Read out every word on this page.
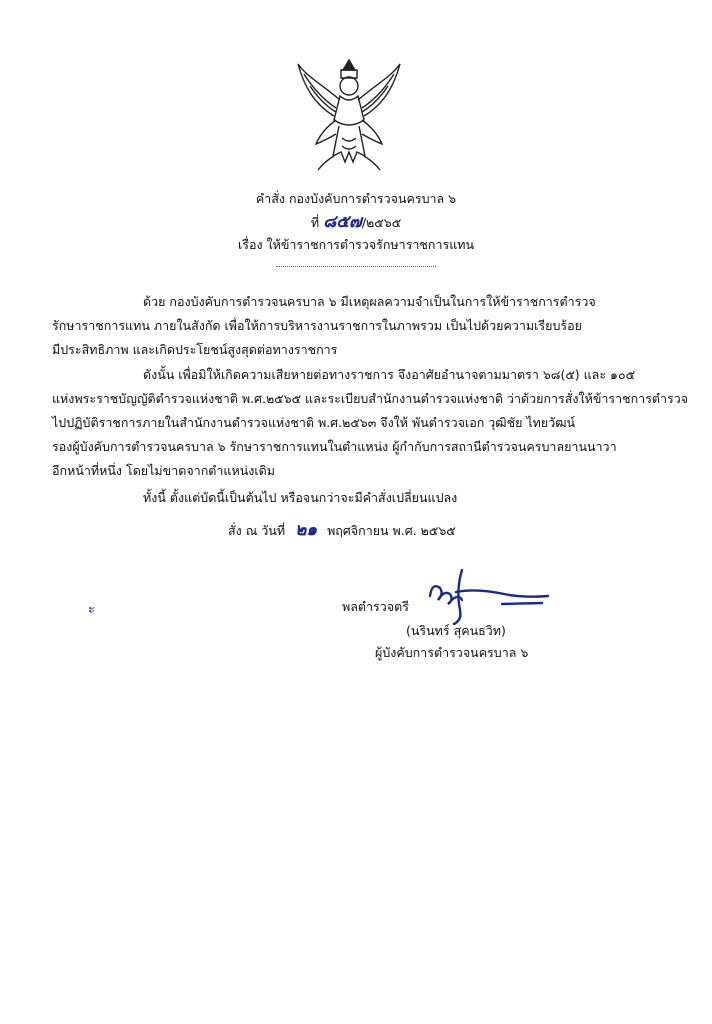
คำสั่ง กองบังคับการตำรวจนครบาล ๖
ที่ ๘๕๗/๒๕๖๕
เรื่อง ให้ข้าราชการตำรวจรักษาราชการแทน
ด้วย กองบังคับการตำรวจนครบาล ๖ มีเหตุผลความจำเป็นในการให้ข้าราชการตำรวจ
รักษาราชการแทน ภายในสังกัด เพื่อให้การบริหารงานราชการในภาพรวม เป็นไปด้วยความเรียบร้อย
มีประสิทธิภาพ และเกิดประโยชน์สูงสุดต่อทางราชการ
ดังนั้น เพื่อมิให้เกิดความเสียหายต่อทางราชการ จึงอาศัยอำนาจตามมาตรา ๖๘(๕) และ ๑๐๕
แห่งพระราชบัญญัติตำรวจแห่งชาติ พ.ศ.๒๕๖๕ และระเบียบสำนักงานตำรวจแห่งชาติ ว่าด้วยการสั่งให้ข้าราชการตำรวจ
ไปปฏิบัติราชการภายในสำนักงานตำรวจแห่งชาติ พ.ศ.๒๕๖๓ จึงให้ พันตำรวจเอก วุฒิชัย ไทยวัฒน์
รองผู้บังคับการตำรวจนครบาล ๖ รักษาราชการแทนในตำแหน่ง ผู้กำกับการสถานีตำรวจนครบาลยานนาวา
อีกหน้าที่หนึ่ง โดยไม่ขาดจากตำแหน่งเดิม
ทั้งนี้ ตั้งแต่บัดนี้เป็นต้นไป หรือจนกว่าจะมีคำสั่งเปลี่ยนแปลง
สั่ง ณ วันที่ ๒๑ พฤศจิกายน พ.ศ. ๒๕๖๕
ะ	พลตำรวจตรี
(นรินทร์ สุคนธวิท)
ผู้บังคับการตำรวจนครบาล ๖
